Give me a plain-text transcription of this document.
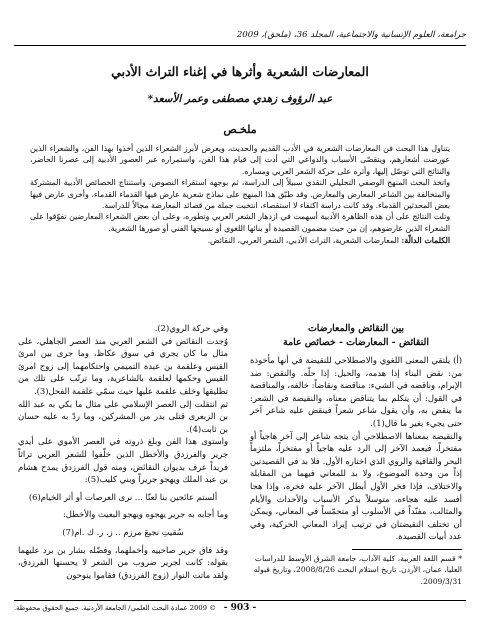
جرامعة، العلوم الإنسانية والاجتماعية، المجلّد 36، (ملحق)، 2009
المعارضات الشعرية وأثرها في إغناء التراث الأدبي
عبد الرؤوف زهدي مصطفى وعمر الأسعد*
ملخـص

يتناول هذا البحث فن المعارضات الشعرية في الأدب القديم والحديث، ويعرض لأبرز الشعراء الذين أخذوا بهذا الفن، والشعراء الذين عورضت أشعارهم، ويتقصّى الأسباب والدواعي التي أدت إلى قيام هذا الفن، واستمراره عبر العصور الأدبية إلى عصرنا الحاضر، والنتائج التي توصّل إليها، وأثره على حركة الشعر العربي ومساره.

واتخذ البحث المنهج الوصفي التحليلي النقدي سبيلاً إلى الدراسة، ثم بوجهه استقراء النصوص، واستنتاج الخصائص الأدبية المشتركة والمتخالفة بين الشاعر المعارض والمعارض. وقد طبّق هذا المنهج على نماذج شعرية عارض فيها القدماء القدماء، وأخرى عارض فيها بعض المحدثين القدماء. وقد كانت دراسة اكتفاء لا استقصاء، انتخبت جملة من قصائد المعارضة مجالاً للدراسة.

وتلت النتائج على أن هذه الظاهرة الأدبية أسهمت في ازدهار الشعر العربي وتطوره، وعلى أن بعض الشعراء المعارضين تفوّقوا على الشعراء الذين عارضوهم، إن من حيث مضمون القصيدة أو بنائها اللغوي أو نسيجها الفني أو صورها الشعرية.

الكلمات الدالّة: المعارضات الشعرية، التراث الأدبي، الشعر العربي، النقائض.
بين النقائض والمعارضات
النقائض - المعارضات - خصائص عامة

(أ) يلتقي المعنى اللغوي والاصطلاحي للنقيضة في أنها مأخوذة من: نقض البناء إذا هدمه، والحبل: إذا حلّه. والنقض: ضد الإبرام، وناقضه في الشيء: مناقضة ونقاضاً: خالفه، والمناقضة في القول: أن يتكلم بما يتناقض معناه، والنقيضة في الشعر: ما ينقض به، وأن يقول شاعر شعراً فينقض عليه شاعر آخر حتى يجيء بغير ما قال(1).

والنقيضة بمعناها الاصطلاحي أن يتجه شاعر إلى آخر هاجياً أو مفتخراً، فيعمد الآخر إلى الرد عليه هاجياً أو مفتخراً، ملتزماً البحر والقافية والروي الذي اختاره الأول. فلا بد في القصيدتين إذاً من وحدة الموضوع، ولا بد للمعاني فيهما من المقابلة والاختلاف، فإذا فخر الأول أبطل الآخر عليه فخره، وإذا هجا أفسد عليه هجاءه، متوسلاً بذكر الأسباب والأحداث والأيام والمثالب، مفنّداً في الأسلوب أو متحمّساً في المعاني، ويمكن أن تختلف النقيضتان في ترتيب إيراد المعاني الحركية، وفي عدد أبيات القصيدة.

* قسم اللغة العربية، كلية الآداب، جامعة الشرق الأوسط للدراسات العليا، عمان، الأردن. تاريخ استلام البحث 2008/8/26، وتاريخ قبوله 2009/3/31.

وفي حركة الروي(2).

وُجدت النقائض في الشعر العربي منذ العصر الجاهلي، على مثال ما كان يجري في سوق عكاظ، وما جرى بين امرئ القيس وعلقمة بن عبدة التميمي واحتكامهما إلى زوج امرئ القيس وحكمها لعلقمة بالشاعرية، وما ترتّب على تلك من تطليقها وخلف علقمة عليها حيث سمّي علقمة الفحل(3).

ثم انتقلت إلى العصر الإسلامي على مثال ما بكي به عبد الله بن الزبعرى قتلى بدر من المشركين، وما ردّ به عليه حسان بن ثابت(4).

واستوى هذا الفن وبلغ ذروته في العصر الأموي على أيدي جرير والفرزدق والأخطل الذين خلّفوا للشعر العربي تراثاً فريداً عرف بديوان النقائض، ومنه قول الفرزدق يمدح هشام بن عبد الملك ويهجو جريراً وبني كليب(5):

ألستم عائجين بنا لعنّا ... نرى العرصات أو أثر الخيام(6)

وما أجابه به جرير يهجوه ويهجو البعيث والأخطل:

سُقيتِ نجيعَ مرزم .. ز. ر. ك .ام(7)

وقد فاق جرير صاحبيه وأخملهما، وفضّله بشار بن برد عليهما بقوله: كانت لجرير ضروب من الشعر لا يحسنها الفرزدق، ولقد ماتت النوار (زوج الفرزدق) فقاموا ينوحون

- 903 -
© 2009 عمادة البحث العلمي/ الجامعة الأردنية. جميع الحقوق محفوظة.
